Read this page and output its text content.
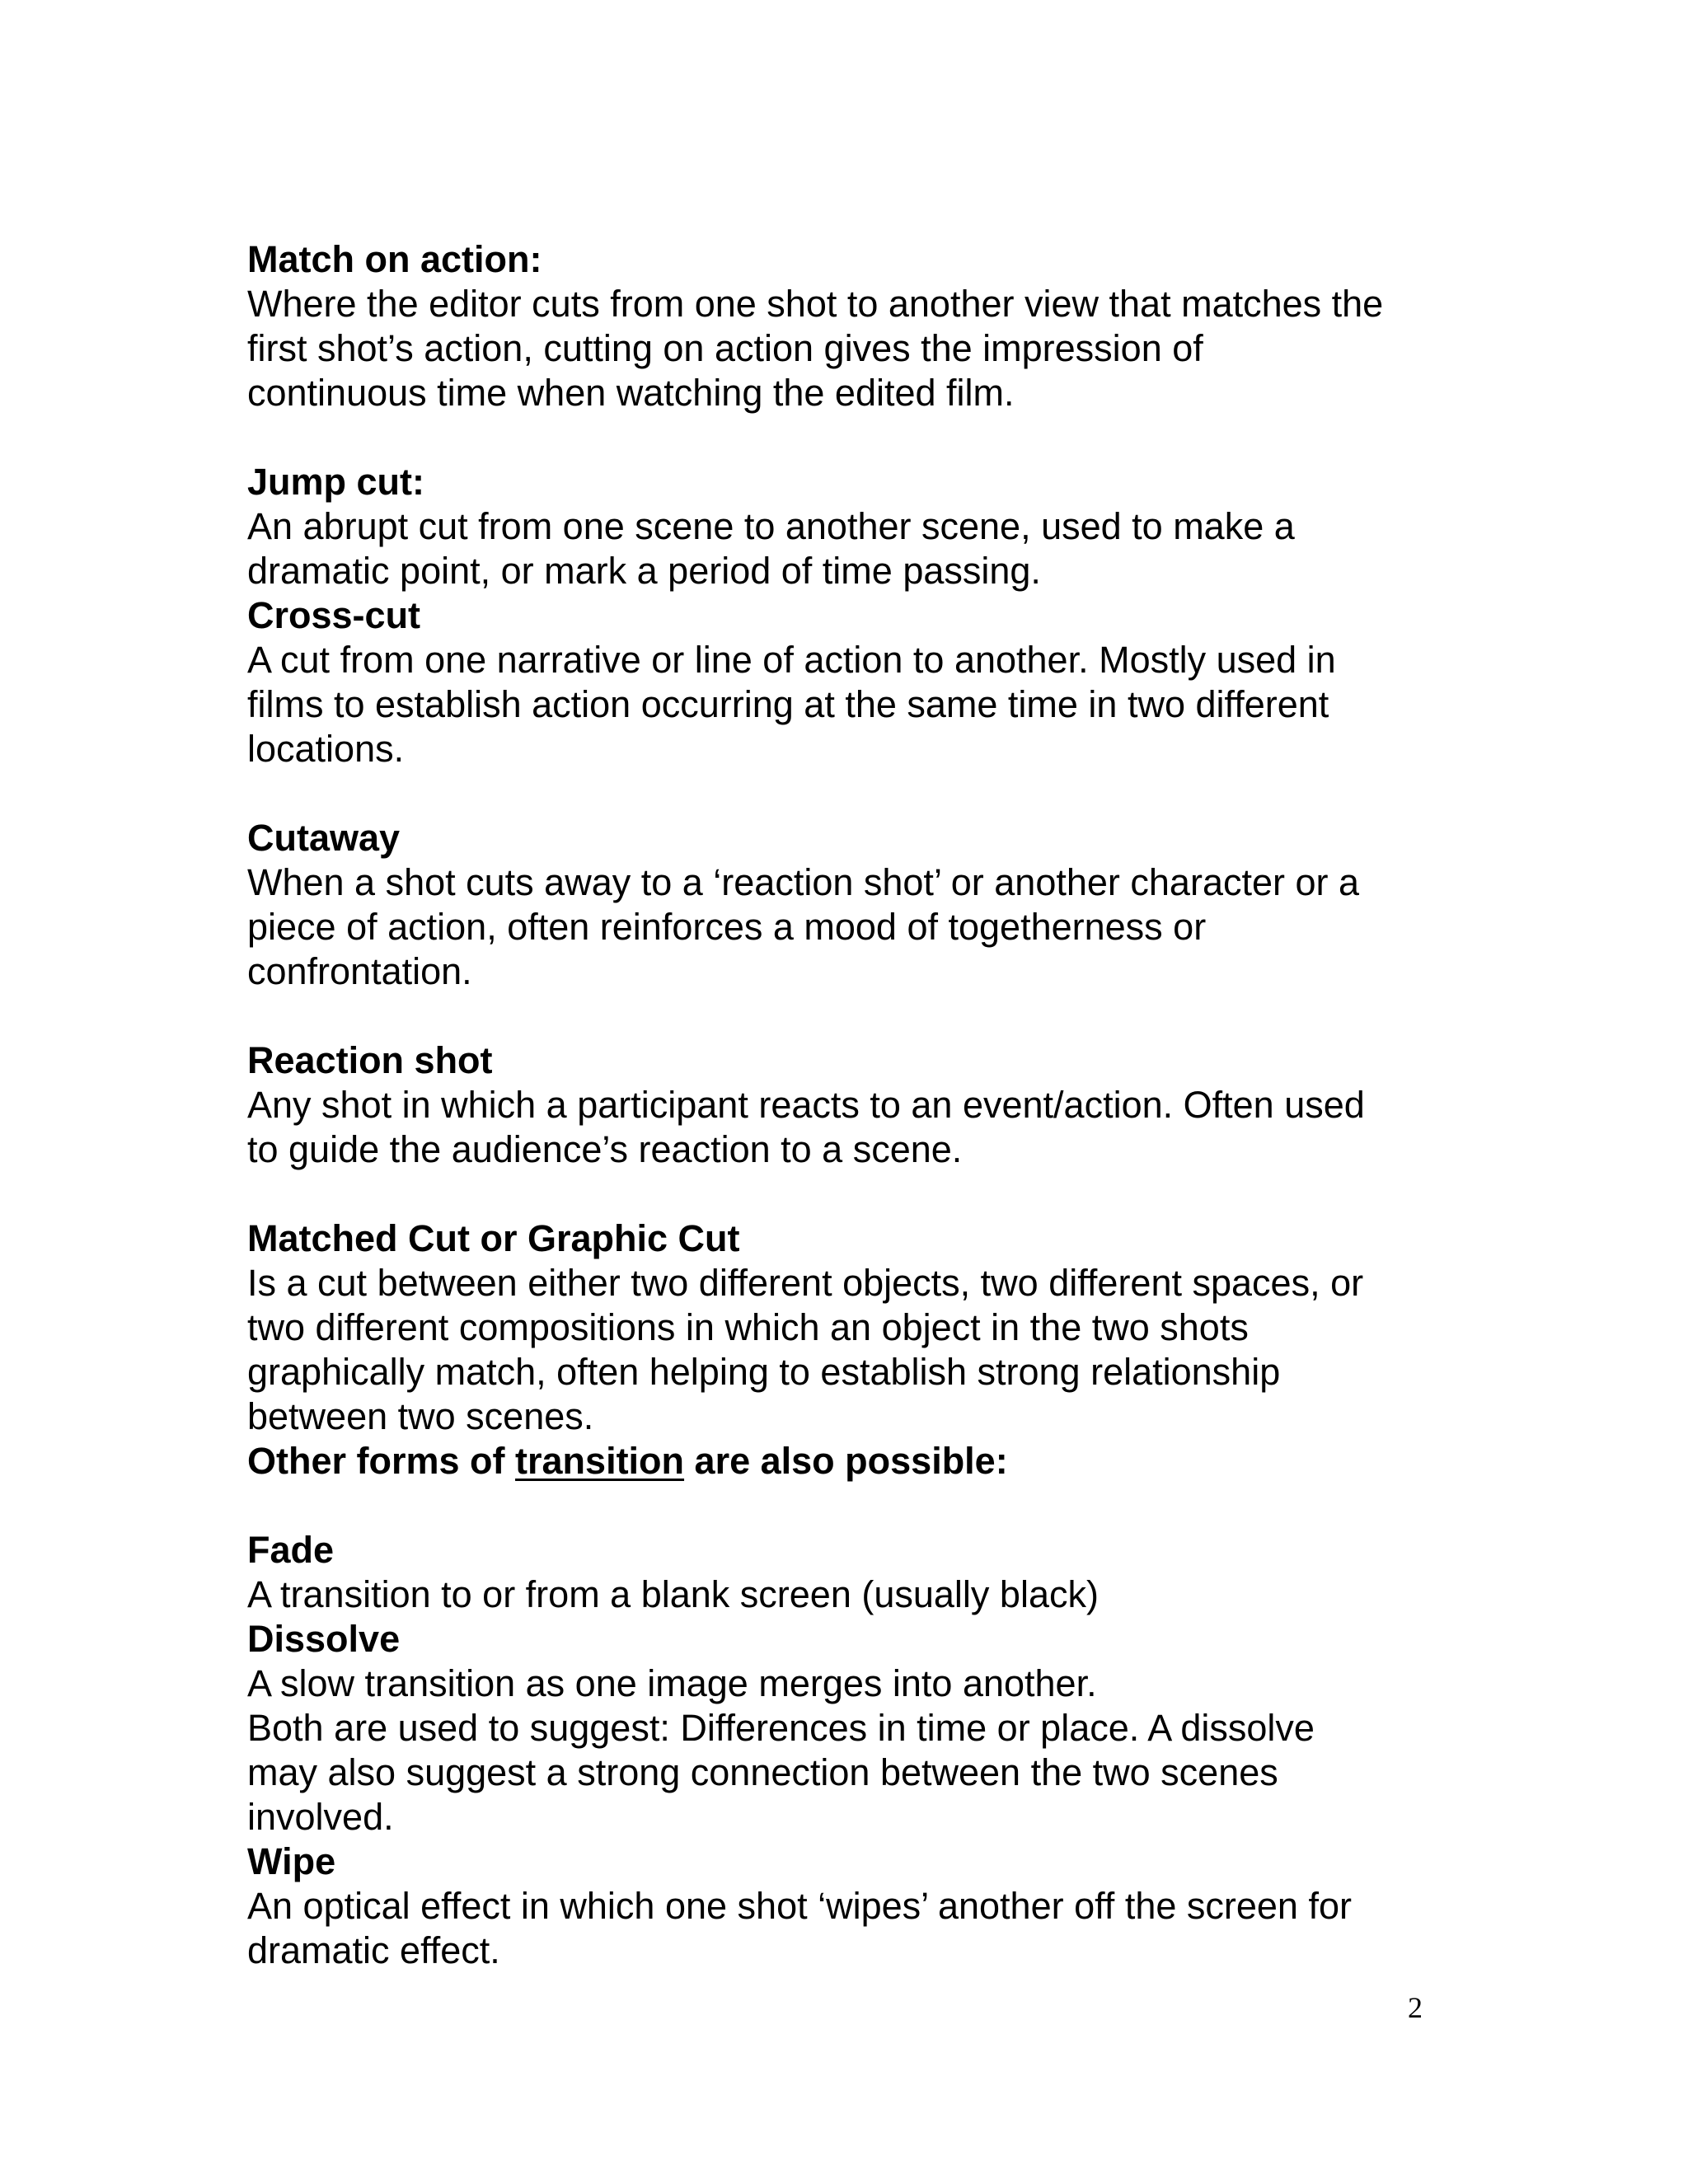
Match on action:

Where the editor cuts from one shot to another view that matches the

first shot’s action, cutting on action gives the impression of

continuous time when watching the edited film.

Jump cut:

An abrupt cut from one scene to another scene, used to make a

dramatic point, or mark a period of time passing.

Cross-cut

A cut from one narrative or line of action to another. Mostly used in

films to establish action occurring at the same time in two different

locations.

Cutaway

When a shot cuts away to a ‘reaction shot’ or another character or a

piece of action, often reinforces a mood of togetherness or

confrontation.

Reaction shot

Any shot in which a participant reacts to an event/action. Often used

to guide the audience’s reaction to a scene.

Matched Cut or Graphic Cut

Is a cut between either two different objects, two different spaces, or

two different compositions in which an object in the two shots

graphically match, often helping to establish strong relationship

between two scenes.

Other forms of transition are also possible:

Fade

A transition to or from a blank screen (usually black)

Dissolve

A slow transition as one image merges into another.

Both are used to suggest: Differences in time or place. A dissolve

may also suggest a strong connection between the two scenes

involved.

Wipe

An optical effect in which one shot ‘wipes’ another off the screen for

dramatic effect.

2
